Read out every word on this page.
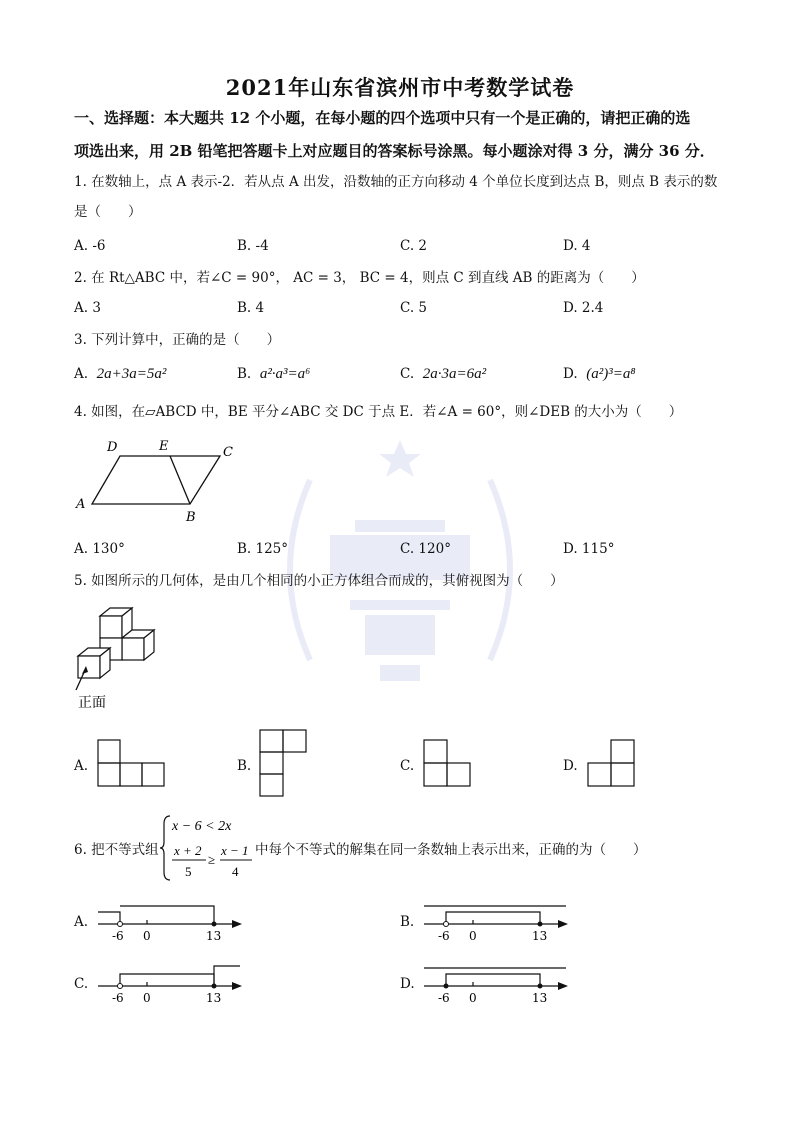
2021年山东省滨州市中考数学试卷
一、选择题：本大题共 12 个小题，在每小题的四个选项中只有一个是正确的，请把正确的选
项选出来，用 2B 铅笔把答题卡上对应题目的答案标号涂黑。每小题涂对得 3 分，满分 36 分．
1. 在数轴上，点 A 表示-2．若从点 A 出发，沿数轴的正方向移动 4 个单位长度到达点 B，则点 B 表示的数
是（　　）
A. -6	B. -4	C. 2	D. 4
2. 在 Rt△ABC 中，若∠C = 90°， AC = 3， BC = 4，则点 C 到直线 AB 的距离为（　　）
A. 3	B. 4	C. 5	D. 2.4
3. 下列计算中，正确的是（　　）
A. 2a+3a=5a²	B. a²·a³=a⁶	C. 2a·3a=6a²	D. (a²)³=a⁸
4. 如图，在▱ABCD 中，BE 平分∠ABC 交 DC 于点 E．若∠A = 60°，则∠DEB 的大小为（　　）
D	E	C
A
B
A. 130°	B. 125°	C. 120°	D. 115°
5. 如图所示的几何体，是由几个相同的小正方体组合而成的，其俯视图为（　　）
正面
A.	B.	C.	D.
6. 把不等式组
x − 6 < 2x
x + 2
5
≥
x − 1
4
中每个不等式的解集在同一条数轴上表示出来，正确的为（　　）
A.
-6 0	13
B.
-6 0	13
C.
-6 0	13
D.
-6 0	13
